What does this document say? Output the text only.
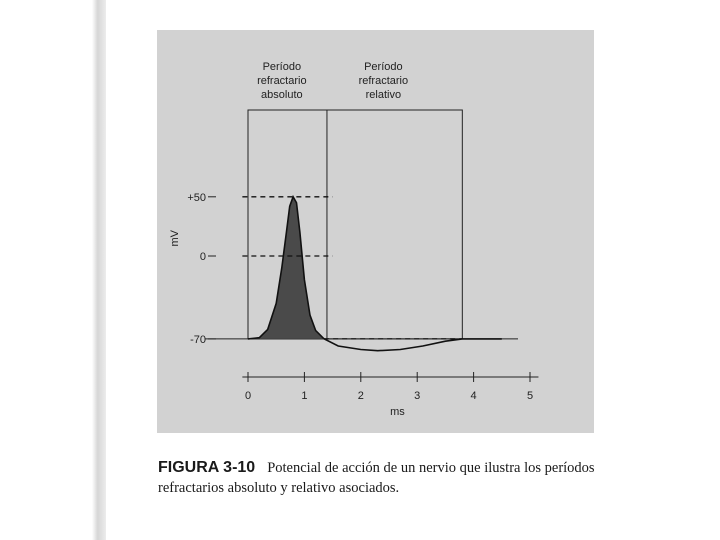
0	1	2	3	4	5
ms
+50
0
-70
mV
Período
refractario
absoluto
Período
refractario
relativo
FIGURA 3-10 Potencial de acción de un nervio que ilustra los períodos refractarios absoluto y relativo asociados.
